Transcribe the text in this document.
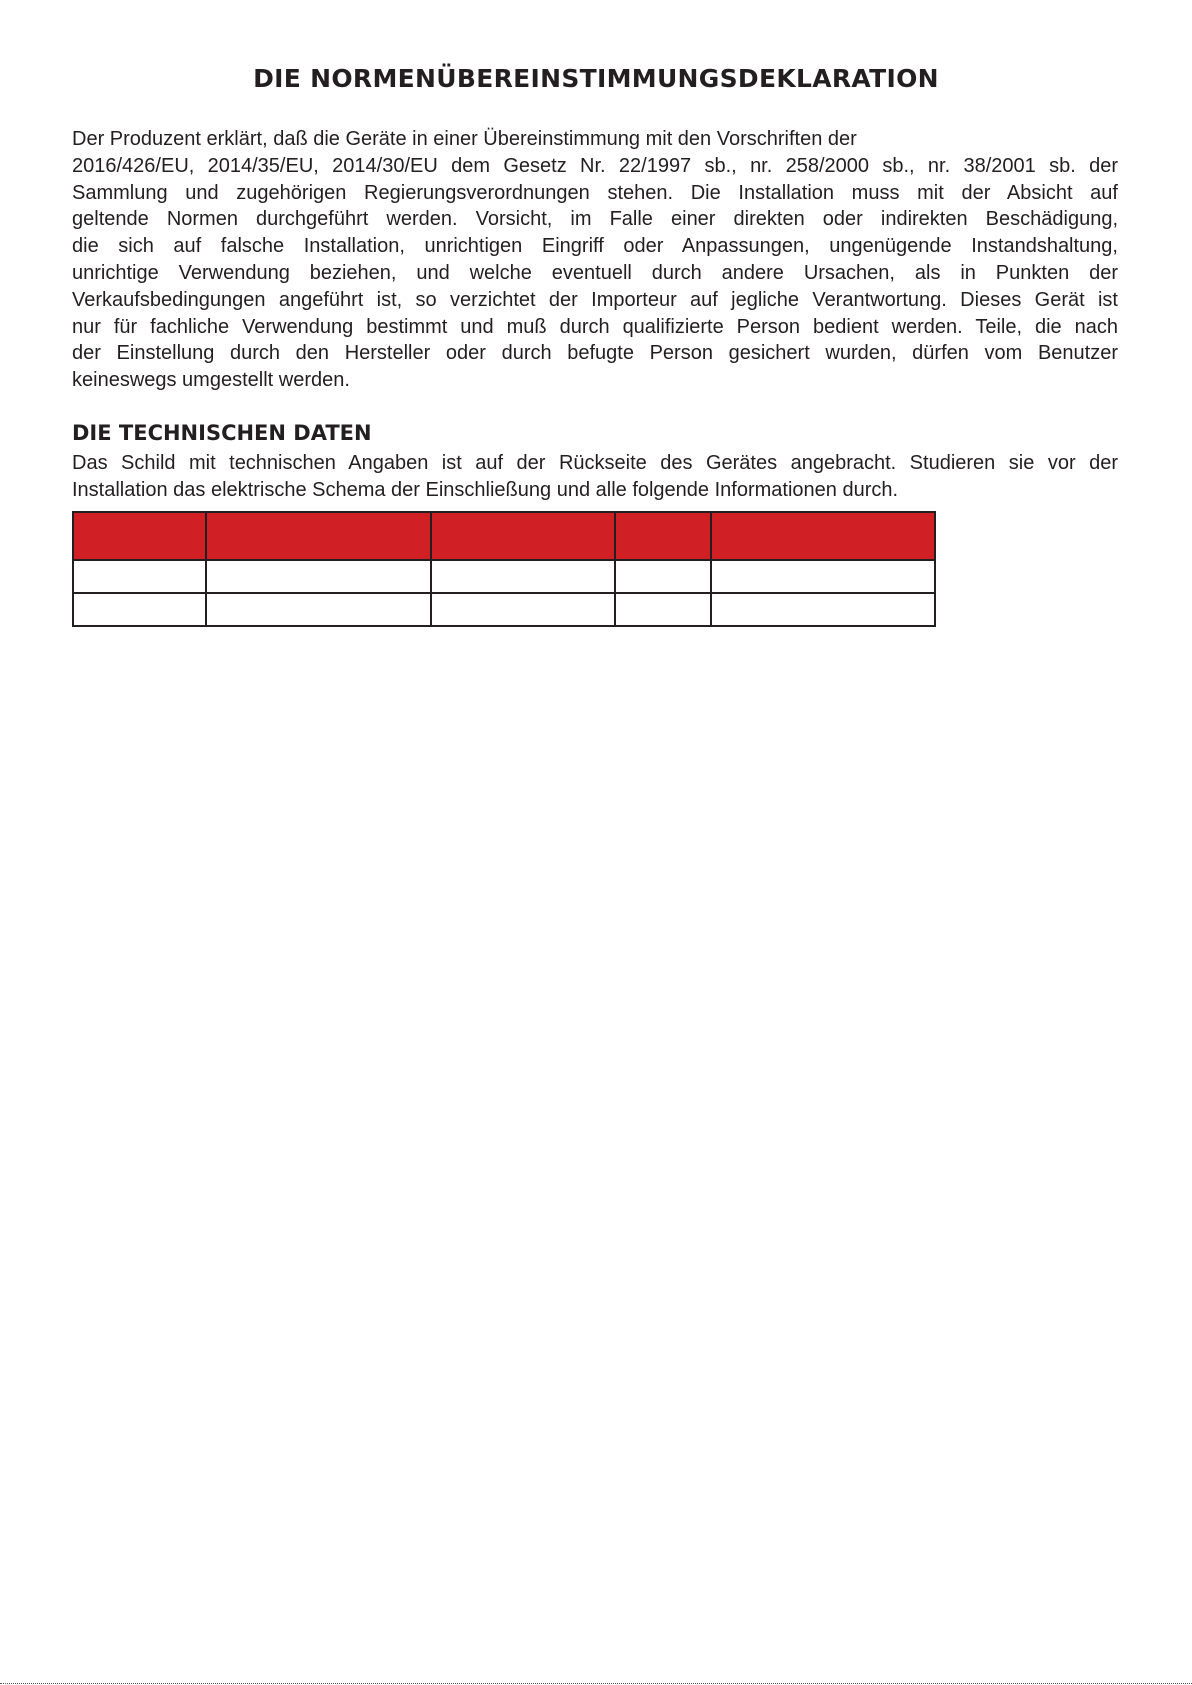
DIE NORMENÜBEREINSTIMMUNGSDEKLARATION

Der Produzent erklärt, daß die Geräte in einer Übereinstimmung mit den Vorschriften der
2016/426/EU, 2014/35/EU, 2014/30/EU dem Gesetz Nr. 22/1997 sb., nr. 258/2000 sb., nr. 38/2001 sb. der
Sammlung und zugehörigen Regierungsverordnungen stehen. Die Installation muss mit der Absicht auf
geltende Normen durchgeführt werden. Vorsicht, im Falle einer direkten oder indirekten Beschädigung,
die sich auf falsche Installation, unrichtigen Eingriff oder Anpassungen, ungenügende Instandshaltung,
unrichtige Verwendung beziehen, und welche eventuell durch andere Ursachen, als in Punkten der
Verkaufsbedingungen angeführt ist, so verzichtet der Importeur auf jegliche Verantwortung. Dieses Gerät ist
nur für fachliche Verwendung bestimmt und muß durch qualifizierte Person bedient werden. Teile, die nach
der Einstellung durch den Hersteller oder durch befugte Person gesichert wurden, dürfen vom Benutzer
keineswegs umgestellt werden.

DIE TECHNISCHEN DATEN

Das Schild mit technischen Angaben ist auf der Rückseite des Gerätes angebracht. Studieren sie vor der
Installation das elektrische Schema der Einschließung und alle folgende Informationen durch.
